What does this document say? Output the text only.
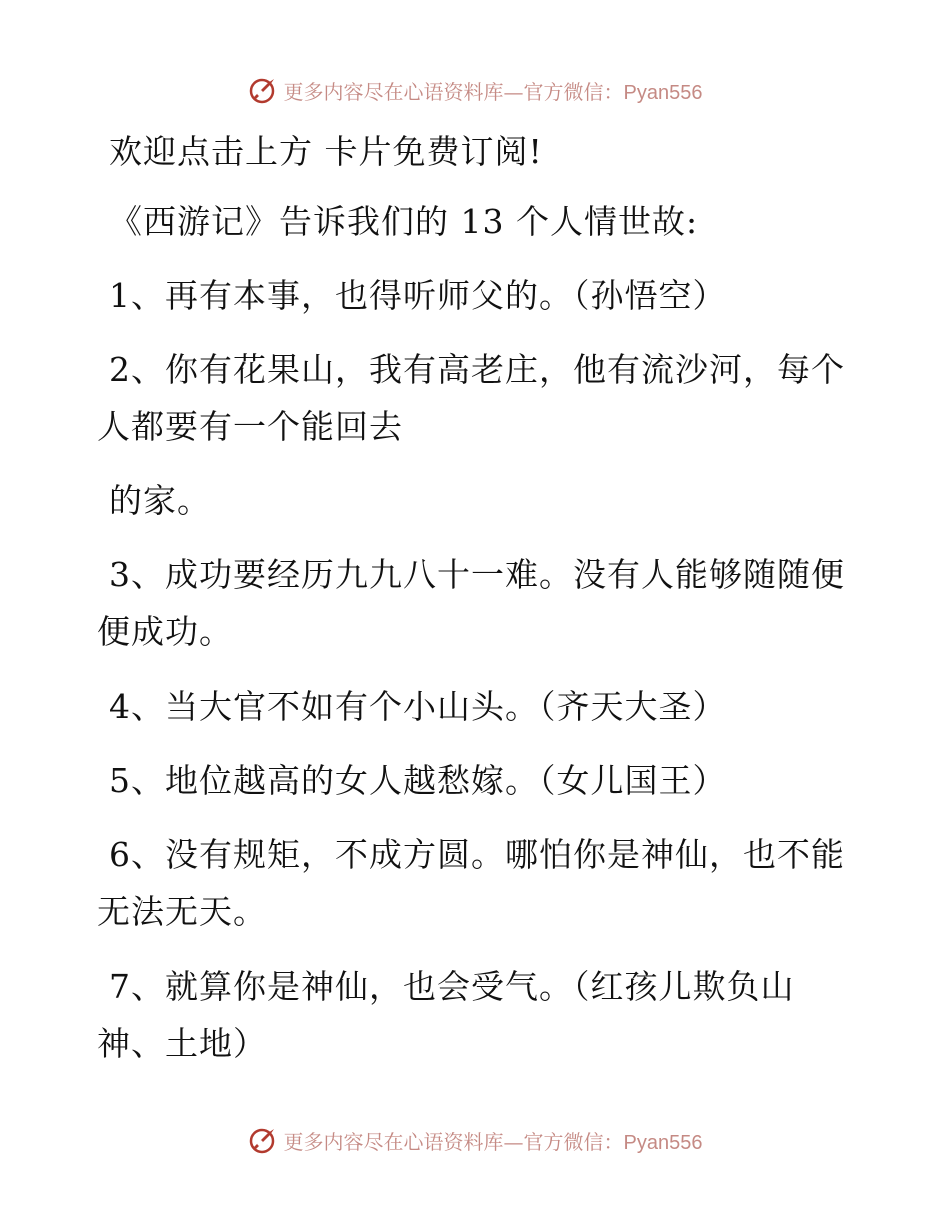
更多内容尽在心语资料库—官方微信：Pyan556
欢迎点击上方 卡片免费订阅!
《西游记》告诉我们的 13 个人情世故:
1、再有本事，也得听师父的。（孙悟空）
2、你有花果山，我有高老庄，他有流沙河，每个
人都要有一个能回去
的家。
3、成功要经历九九八十一难。没有人能够随随便
便成功。
4、当大官不如有个小山头。（齐天大圣）
5、地位越高的女人越愁嫁。（女儿国王）
6、没有规矩，不成方圆。哪怕你是神仙，也不能
无法无天。
7、就算你是神仙，也会受气。（红孩儿欺负山
神、土地）
更多内容尽在心语资料库—官方微信：Pyan556
